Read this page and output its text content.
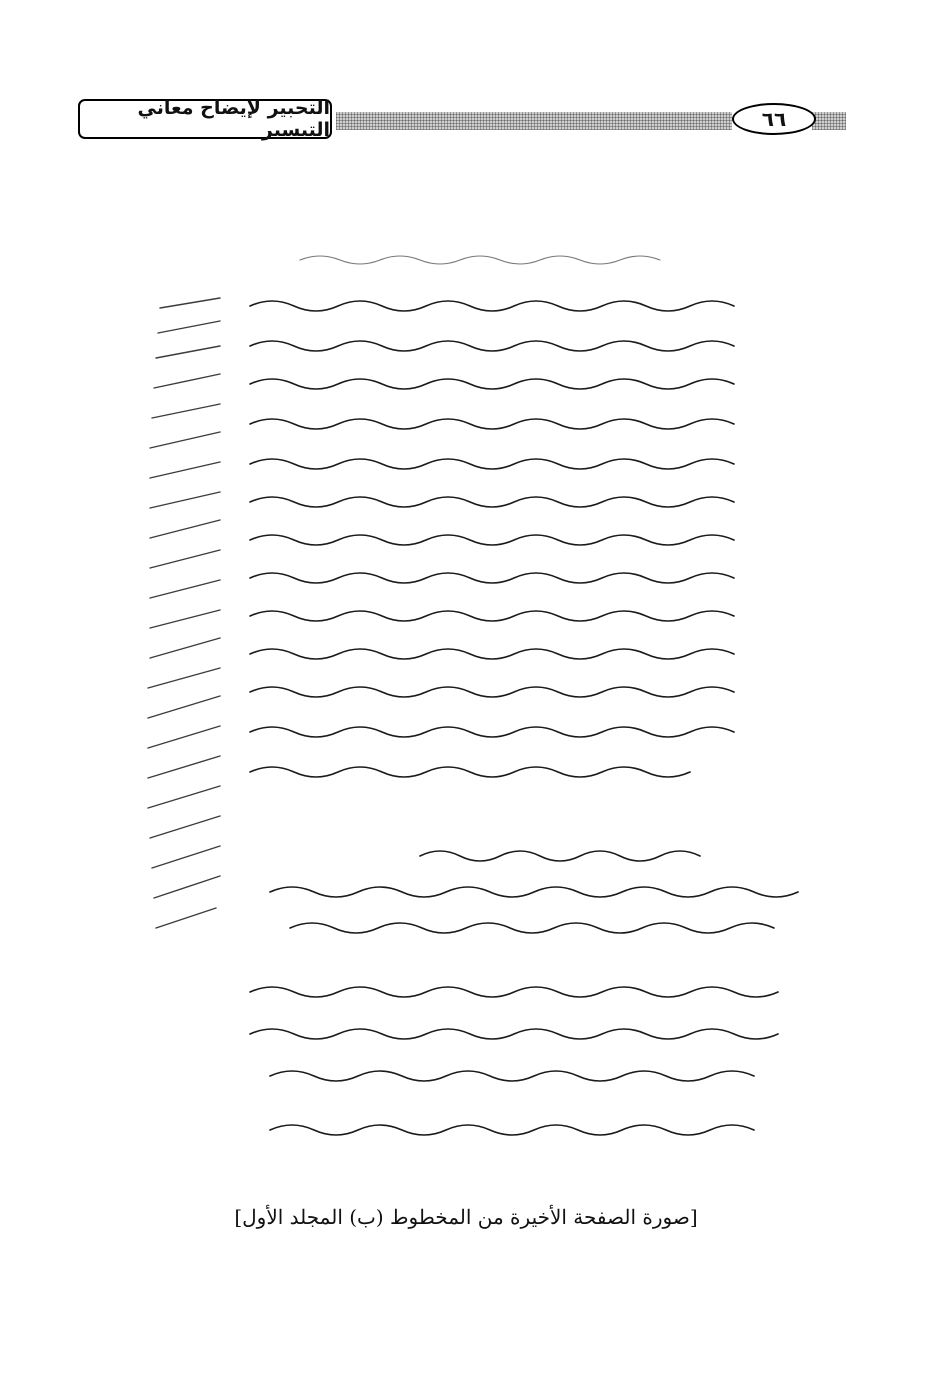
التحبير لإيضاح معاني التيسير	٦٦
[صورة الصفحة الأخيرة من المخطوط (ب) المجلد الأول]
